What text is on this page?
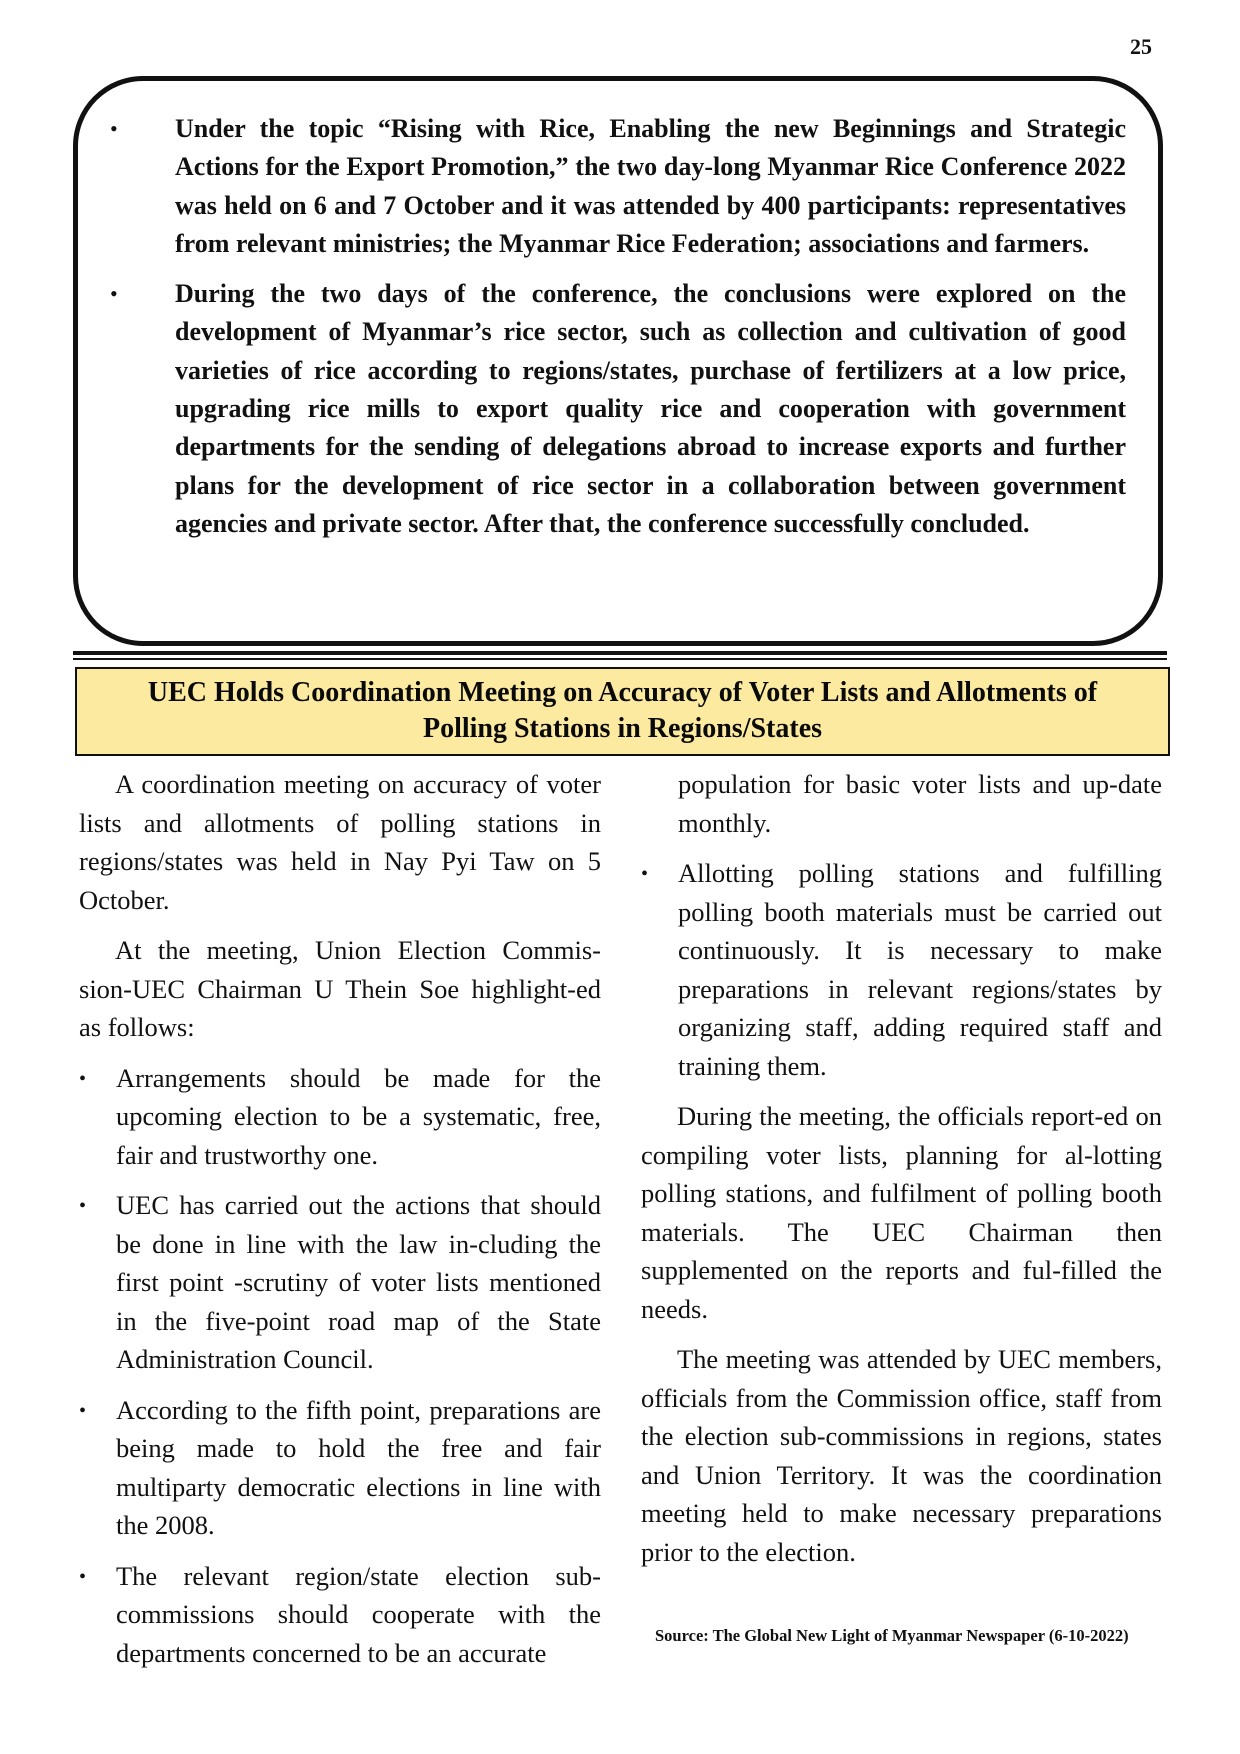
25
• Under the topic “Rising with Rice, Enabling the new Beginnings and Strategic Actions for the Export Promotion,” the two day-long Myanmar Rice Conference 2022 was held on 6 and 7 October and it was attended by 400 participants: representatives from relevant ministries; the Myanmar Rice Federation; associations and farmers.
• During the two days of the conference, the conclusions were explored on the development of Myanmar’s rice sector, such as collection and cultivation of good varieties of rice according to regions/states, purchase of fertilizers at a low price, upgrading rice mills to export quality rice and cooperation with government departments for the sending of delegations abroad to increase exports and further plans for the development of rice sector in a collaboration between government agencies and private sector. After that, the conference successfully concluded.
UEC Holds Coordination Meeting on Accuracy of Voter Lists and Allotments of
Polling Stations in Regions/States

A coordination meeting on accuracy of voter lists and allotments of polling stations in regions/states was held in Nay Pyi Taw on 5 October.

At the meeting, Union Election Commis-sion-UEC Chairman U Thein Soe highlight-ed as follows:

• Arrangements should be made for the upcoming election to be a systematic, free, fair and trustworthy one.
• UEC has carried out the actions that should be done in line with the law in-cluding the first point -scrutiny of voter lists mentioned in the five-point road map of the State Administration Council.
• According to the fifth point, preparations are being made to hold the free and fair multiparty democratic elections in line with the 2008.
• The relevant region/state election sub-commissions should cooperate with the departments concerned to be an accurate

population for basic voter lists and up-date monthly.

• Allotting polling stations and fulfilling polling booth materials must be carried out continuously. It is necessary to make preparations in relevant regions/states by organizing staff, adding required staff and training them.

During the meeting, the officials report-ed on compiling voter lists, planning for al-lotting polling stations, and fulfilment of polling booth materials. The UEC Chairman then supplemented on the reports and ful-filled the needs.

The meeting was attended by UEC members, officials from the Commission office, staff from the election sub-commissions in regions, states and Union Territory. It was the coordination meeting held to make necessary preparations prior to the election.

Source: The Global New Light of Myanmar Newspaper (6-10-2022)
